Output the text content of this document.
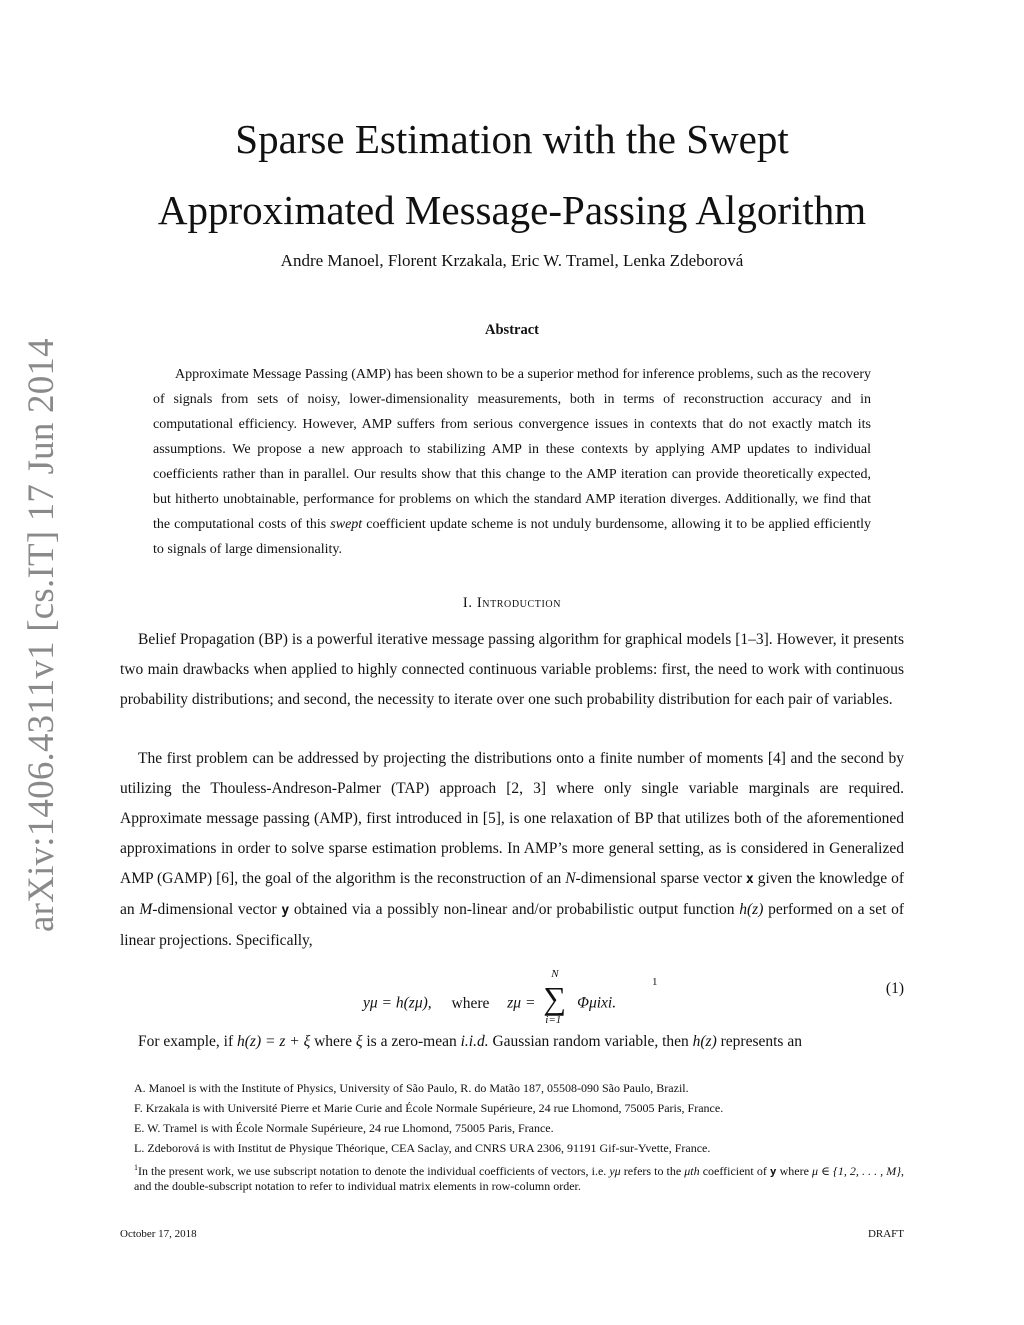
arXiv:1406.4311v1 [cs.IT] 17 Jun 2014
Sparse Estimation with the Swept
Approximated Message-Passing Algorithm
Andre Manoel, Florent Krzakala, Eric W. Tramel, Lenka Zdeborová
Abstract

Approximate Message Passing (AMP) has been shown to be a superior method for inference problems, such as the recovery of signals from sets of noisy, lower-dimensionality measurements, both in terms of reconstruction accuracy and in computational efficiency. However, AMP suffers from serious convergence issues in contexts that do not exactly match its assumptions. We propose a new approach to stabilizing AMP in these contexts by applying AMP updates to individual coefficients rather than in parallel. Our results show that this change to the AMP iteration can provide theoretically expected, but hitherto unobtainable, performance for problems on which the standard AMP iteration diverges. Additionally, we find that the computational costs of this swept coefficient update scheme is not unduly burdensome, allowing it to be applied efficiently to signals of large dimensionality.

I. Introduction

Belief Propagation (BP) is a powerful iterative message passing algorithm for graphical models [1–3]. However, it presents two main drawbacks when applied to highly connected continuous variable problems: first, the need to work with continuous probability distributions; and second, the necessity to iterate over one such probability distribution for each pair of variables.

The first problem can be addressed by projecting the distributions onto a finite number of moments [4] and the second by utilizing the Thouless-Andreson-Palmer (TAP) approach [2, 3] where only single variable marginals are required. Approximate message passing (AMP), first introduced in [5], is one relaxation of BP that utilizes both of the aforementioned approximations in order to solve sparse estimation problems. In AMP’s more general setting, as is considered in Generalized AMP (GAMP) [6], the goal of the algorithm is the reconstruction of an N-dimensional sparse vector x given the knowledge of an M-dimensional vector y obtained via a possibly non-linear and/or probabilistic output function h(z) performed on a set of linear projections. Specifically,

yμ = h(zμ), where zμ =
N
∑
i=1
Φμixi.
1	(1)

For example, if h(z) = z + ξ where ξ is a zero-mean i.i.d. Gaussian random variable, then h(z) represents an

A. Manoel is with the Institute of Physics, University of São Paulo, R. do Matão 187, 05508-090 São Paulo, Brazil.

F. Krzakala is with Université Pierre et Marie Curie and École Normale Supérieure, 24 rue Lhomond, 75005 Paris, France.

E. W. Tramel is with École Normale Supérieure, 24 rue Lhomond, 75005 Paris, France.

L. Zdeborová is with Institut de Physique Théorique, CEA Saclay, and CNRS URA 2306, 91191 Gif-sur-Yvette, France.

$^1$In the present work, we use subscript notation to denote the individual coefficients of vectors, i.e. yμ refers to the μth coefficient of y where μ ∈ {1, 2, . . . , M}, and the double-subscript notation to refer to individual matrix elements in row-column order.

October 17, 2018	DRAFT
